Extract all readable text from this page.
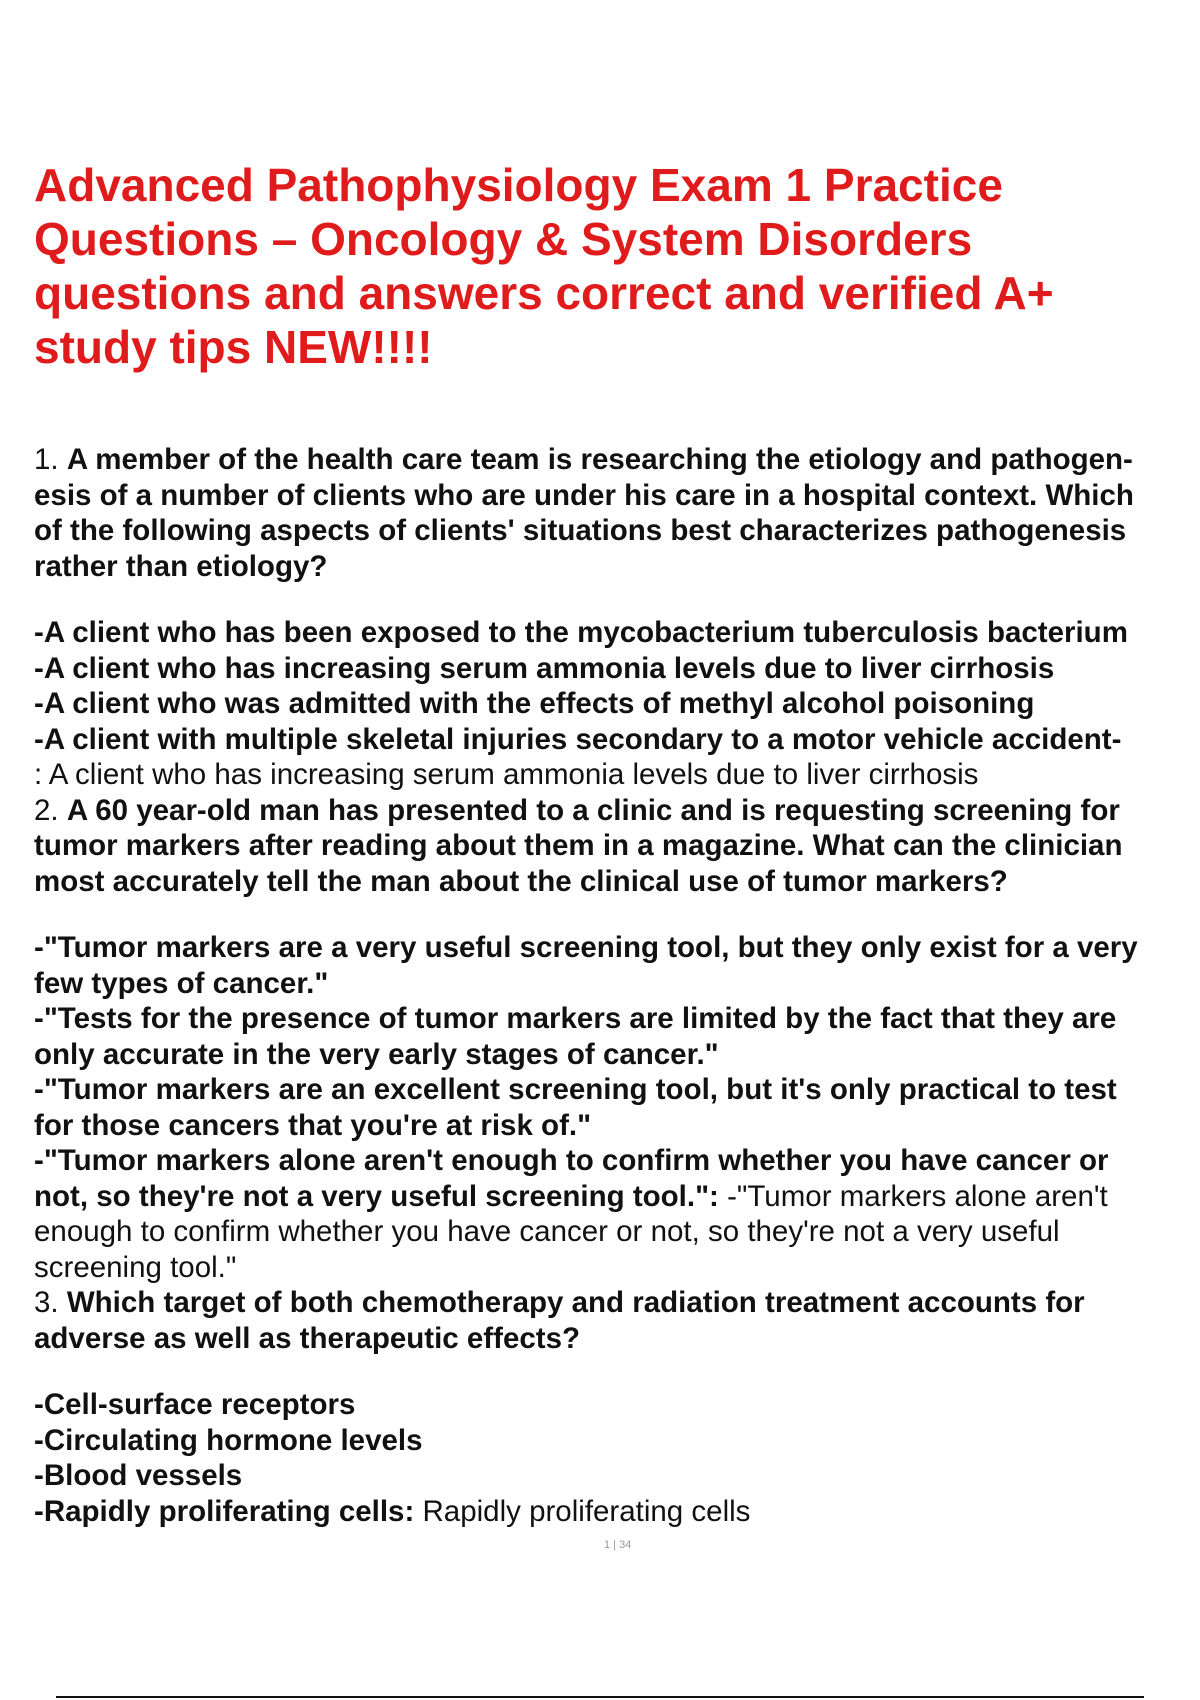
Advanced Pathophysiology Exam 1 Practice
Questions – Oncology & System Disorders
questions and answers correct and verified A+
study tips NEW!!!!
1. A member of the health care team is researching the etiology and pathogen-
esis of a number of clients who are under his care in a hospital context. Which
of the following aspects of clients' situations best characterizes pathogenesis
rather than etiology?
-A client who has been exposed to the mycobacterium tuberculosis bacterium
-A client who has increasing serum ammonia levels due to liver cirrhosis
-A client who was admitted with the effects of methyl alcohol poisoning
-A client with multiple skeletal injuries secondary to a motor vehicle accident-
: A client who has increasing serum ammonia levels due to liver cirrhosis
2. A 60 year-old man has presented to a clinic and is requesting screening for
tumor markers after reading about them in a magazine. What can the clinician
most accurately tell the man about the clinical use of tumor markers?
-"Tumor markers are a very useful screening tool, but they only exist for a very
few types of cancer."
-"Tests for the presence of tumor markers are limited by the fact that they are
only accurate in the very early stages of cancer."
-"Tumor markers are an excellent screening tool, but it's only practical to test
for those cancers that you're at risk of."
-"Tumor markers alone aren't enough to confirm whether you have cancer or
not, so they're not a very useful screening tool.": -"Tumor markers alone aren't
enough to confirm whether you have cancer or not, so they're not a very useful
screening tool."
3. Which target of both chemotherapy and radiation treatment accounts for
adverse as well as therapeutic effects?
-Cell-surface receptors
-Circulating hormone levels
-Blood vessels
-Rapidly proliferating cells: Rapidly proliferating cells
1 | 34
